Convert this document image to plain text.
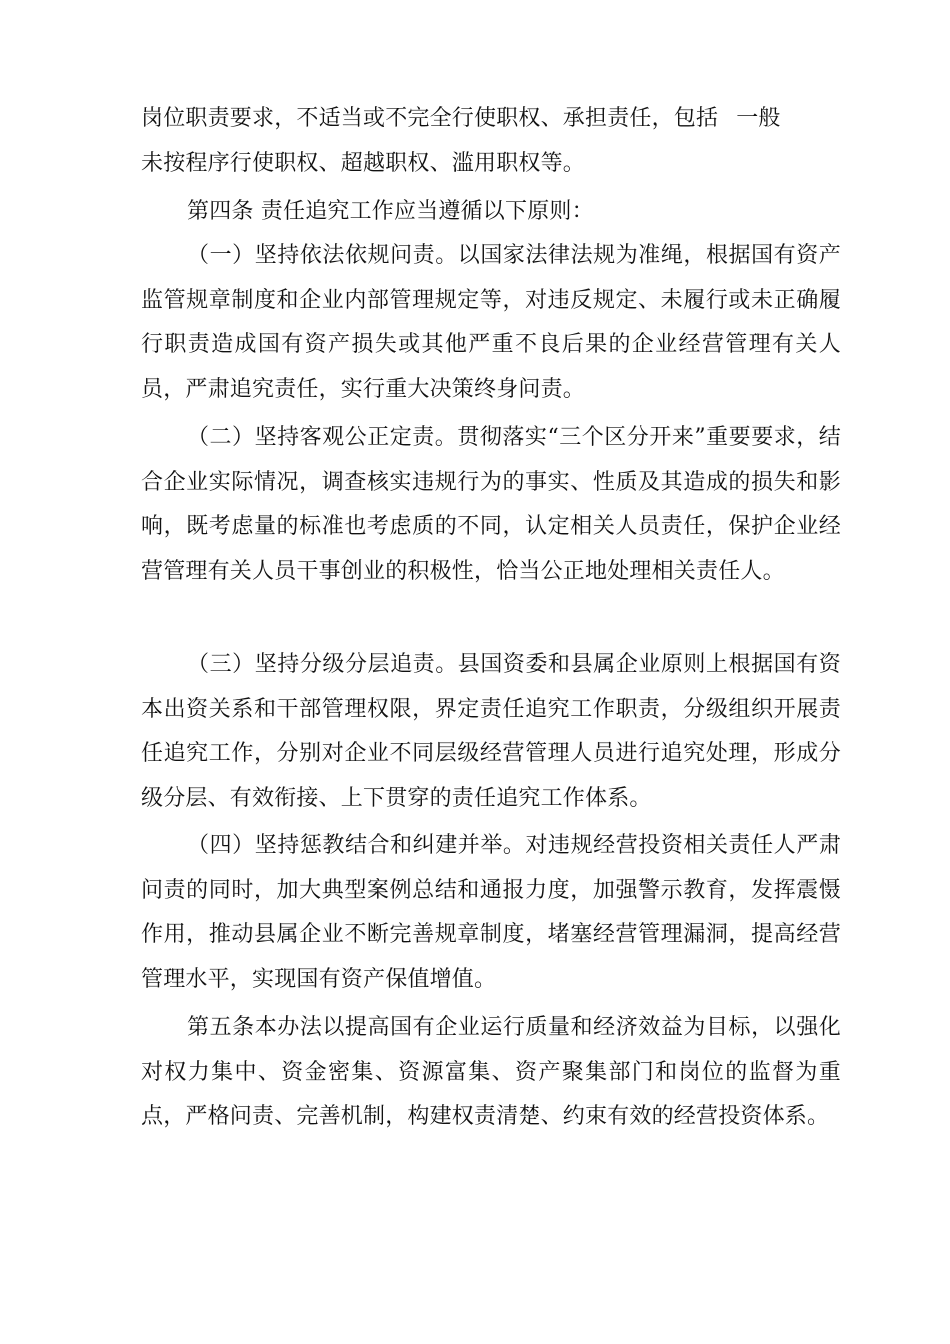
岗位职责要求，不适当或不完全行使职权、承担责任，包括 一般
未按程序行使职权、超越职权、滥用职权等。

第四条 责任追究工作应当遵循以下原则：

（一）坚持依法依规问责。以国家法律法规为准绳，根据国有资产监管规章制度和企业内部管理规定等，对违反规定、未履行或未正确履行职责造成国有资产损失或其他严重不良后果的企业经营管理有关人员，严肃追究责任，实行重大决策终身问责。

（二）坚持客观公正定责。贯彻落实“三个区分开来”重要要求，结合企业实际情况，调查核实违规行为的事实、性质及其造成的损失和影响，既考虑量的标准也考虑质的不同，认定相关人员责任，保护企业经营管理有关人员干事创业的积极性，恰当公正地处理相关责任人。

（三）坚持分级分层追责。县国资委和县属企业原则上根据国有资本出资关系和干部管理权限，界定责任追究工作职责，分级组织开展责任追究工作，分别对企业不同层级经营管理人员进行追究处理，形成分级分层、有效衔接、上下贯穿的责任追究工作体系。

（四）坚持惩教结合和纠建并举。对违规经营投资相关责任人严肃问责的同时，加大典型案例总结和通报力度，加强警示教育，发挥震慑作用，推动县属企业不断完善规章制度，堵塞经营管理漏洞，提高经营管理水平，实现国有资产保值增值。

第五条本办法以提高国有企业运行质量和经济效益为目标，以强化对权力集中、资金密集、资源富集、资产聚集部门和岗位的监督为重点，严格问责、完善机制，构建权责清楚、约束有效的经营投资体系。
